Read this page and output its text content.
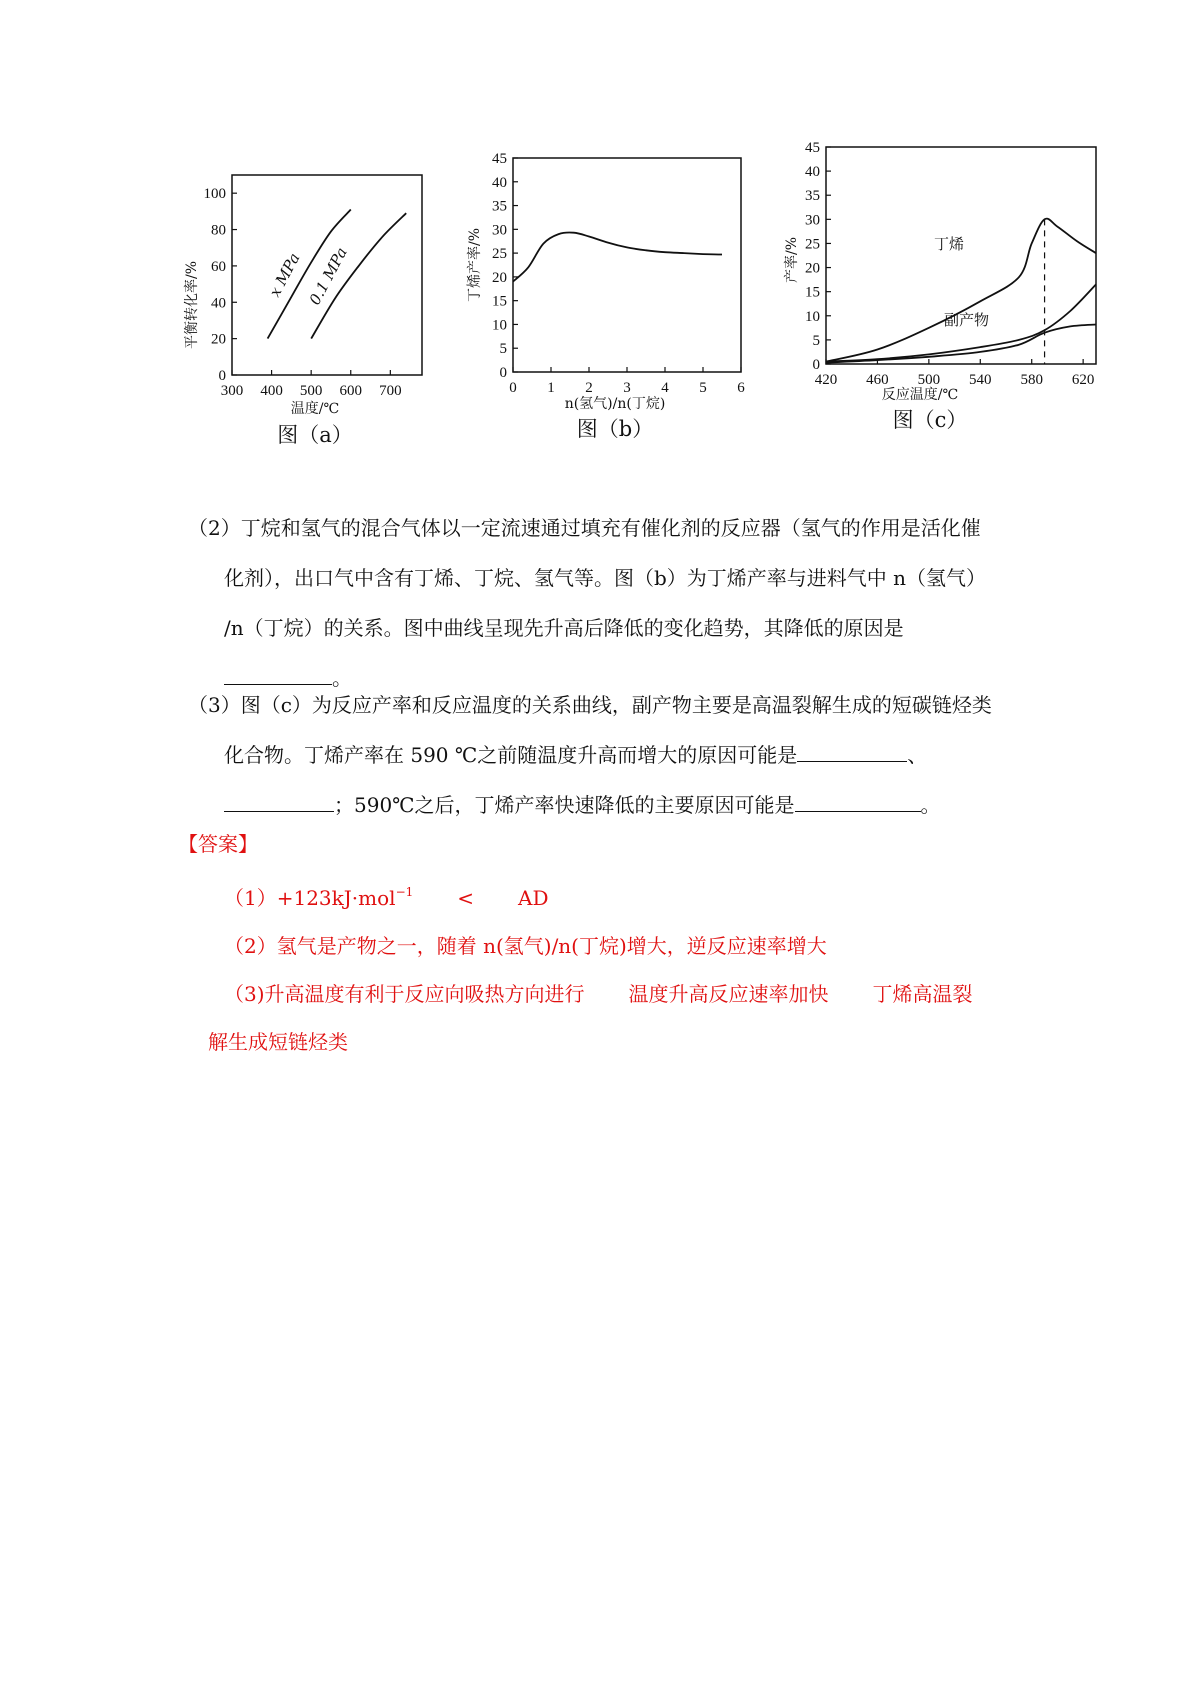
0
20
40
60
80
100
300 400 500 600 700
x MPa 0.1 MPa
平衡转化率/%
温度/℃
图（a）
0
5
10
15
20
25
30
35
40
45
0 1 2 3 4 5 6
丁烯产率/%
n(氢气)/n(丁烷)
图（b）
0
5
10
15
20
25
30
35
40
45
420 460 500 540 580 620
丁烯
副产物
产率/%
反应温度/℃
图（c）
（2）丁烷和氢气的混合气体以一定流速通过填充有催化剂的反应器（氢气的作用是活化催
化剂），出口气中含有丁烯、丁烷、氢气等。图（b）为丁烯产率与进料气中 n（氢气）
/n（丁烷）的关系。图中曲线呈现先升高后降低的变化趋势，其降低的原因是
。
（3）图（c）为反应产率和反应温度的关系曲线，副产物主要是高温裂解生成的短碳链烃类
化合物。丁烯产率在 590 ℃之前随温度升高而增大的原因可能是	、
；590℃之后，丁烯产率快速降低的主要原因可能是	。
【答案】
（1）+123kJ·mol$^{-1}$ < AD
（2）氢气是产物之一，随着 n(氢气)/n(丁烷)增大，逆反应速率增大
（3)升高温度有利于反应向吸热方向进行 温度升高反应速率加快 丁烯高温裂
解生成短链烃类
